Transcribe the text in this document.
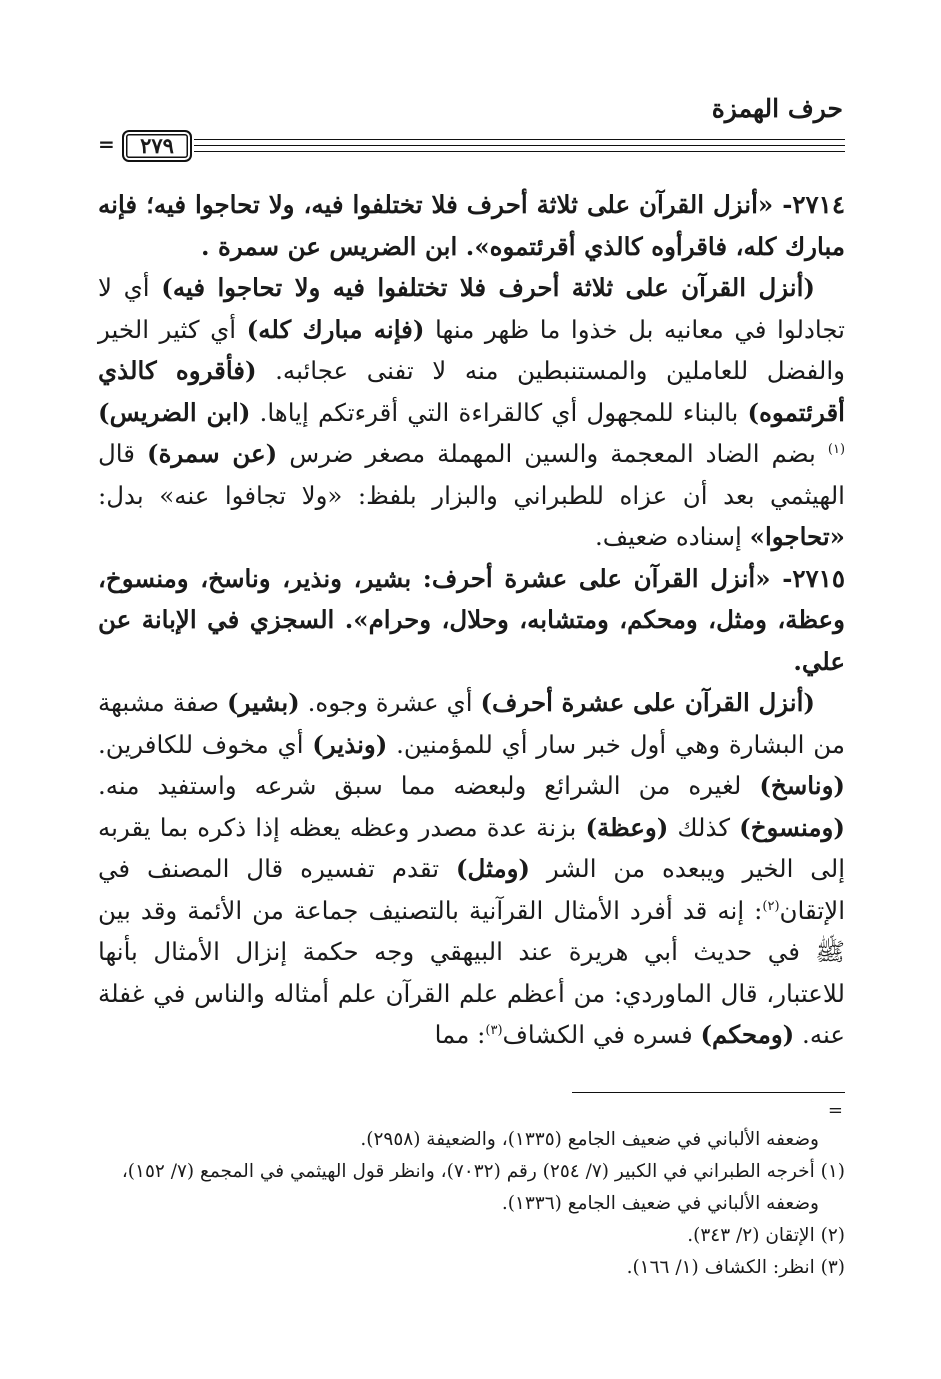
حرف الهمزة
=	٢٧٩

٢٧١٤- «أنزل القرآن على ثلاثة أحرف فلا تختلفوا فيه، ولا تحاجوا فيه؛ فإنه مبارك كله، فاقرأوه كالذي أقرئتموه». ابن الضريس عن سمرة .

(أنزل القرآن على ثلاثة أحرف فلا تختلفوا فيه ولا تحاجوا فيه) أي لا تجادلوا في معانيه بل خذوا ما ظهر منها (فإنه مبارك كله) أي كثير الخير والفضل للعاملين والمستنبطين منه لا تفنى عجائبه. (فأقروه كالذي أقرئتموه) بالبناء للمجهول أي كالقراءة التي أقرءتكم إياها. (ابن الضريس)$^{(١)}$ بضم الضاد المعجمة والسين المهملة مصغر ضرس (عن سمرة) قال الهيثمي بعد أن عزاه للطبراني والبزار بلفظ: «ولا تجافوا عنه» بدل: «تحاجوا» إسناده ضعيف.

٢٧١٥- «أنزل القرآن على عشرة أحرف: بشير، ونذير، وناسخ، ومنسوخ، وعظة، ومثل، ومحكم، ومتشابه، وحلال، وحرام». السجزي في الإبانة عن علي.

(أنزل القرآن على عشرة أحرف) أي عشرة وجوه. (بشير) صفة مشبهة من البشارة وهي أول خبر سار أي للمؤمنين. (ونذير) أي مخوف للكافرين. (وناسخ) لغيره من الشرائع ولبعضه مما سبق شرعه واستفيد منه. (ومنسوخ) كذلك (وعظة) بزنة عدة مصدر وعظه يعظه إذا ذكره بما يقربه إلى الخير ويبعده من الشر (ومثل) تقدم تفسيره قال المصنف في الإتقان$^{(٢)}$: إنه قد أفرد الأمثال القرآنية بالتصنيف جماعة من الأئمة وقد بين ﷺ في حديث أبي هريرة عند البيهقي وجه حكمة إنزال الأمثال بأنها للاعتبار، قال الماوردي: من أعظم علم القرآن علم أمثاله والناس في غفلة عنه. (ومحكم) فسره في الكشاف$^{(٣)}$: مما

=

وضعفه الألباني في ضعيف الجامع (١٣٣٥)، والضعيفة (٢٩٥٨).

(١) أخرجه الطبراني في الكبير (٧/ ٢٥٤) رقم (٧٠٣٢)، وانظر قول الهيثمي في المجمع (٧/ ١٥٢)،

وضعفه الألباني في ضعيف الجامع (١٣٣٦).

(٢) الإتقان (٢/ ٣٤٣).

(٣) انظر: الكشاف (١/ ١٦٦).
